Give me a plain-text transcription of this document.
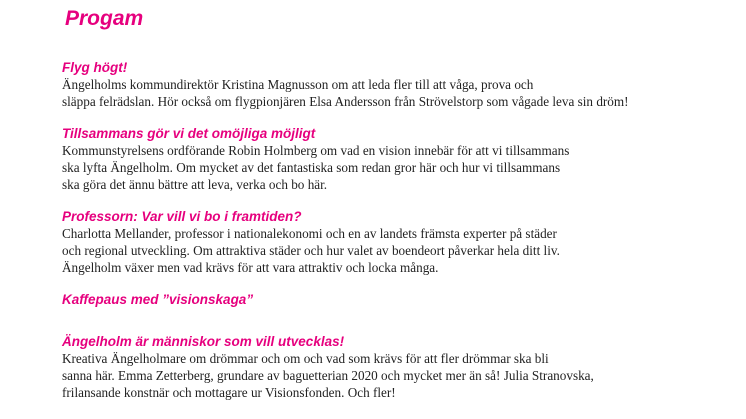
Progam
Flyg högt!

Ängelholms kommundirektör Kristina Magnusson om att leda fler till att våga, prova och

släppa felrädslan. Hör också om flygpionjären Elsa Andersson från Strövelstorp som vågade leva sin dröm!

Tillsammans gör vi det omöjliga möjligt

Kommunstyrelsens ordförande Robin Holmberg om vad en vision innebär för att vi tillsammans

ska lyfta Ängelholm. Om mycket av det fantastiska som redan gror här och hur vi tillsammans

ska göra det ännu bättre att leva, verka och bo här.

Professorn: Var vill vi bo i framtiden?

Charlotta Mellander, professor i nationalekonomi och en av landets främsta experter på städer

och regional utveckling. Om attraktiva städer och hur valet av boendeort påverkar hela ditt liv.

Ängelholm växer men vad krävs för att vara attraktiv och locka många.

Kaffepaus med ”visionskaga”
Ängelholm är människor som vill utvecklas!

Kreativa Ängelholmare om drömmar och om och vad som krävs för att fler drömmar ska bli

sanna här. Emma Zetterberg, grundare av baguetterian 2020 och mycket mer än så! Julia Stranovska,

frilansande konstnär och mottagare ur Visionsfonden. Och fler!
